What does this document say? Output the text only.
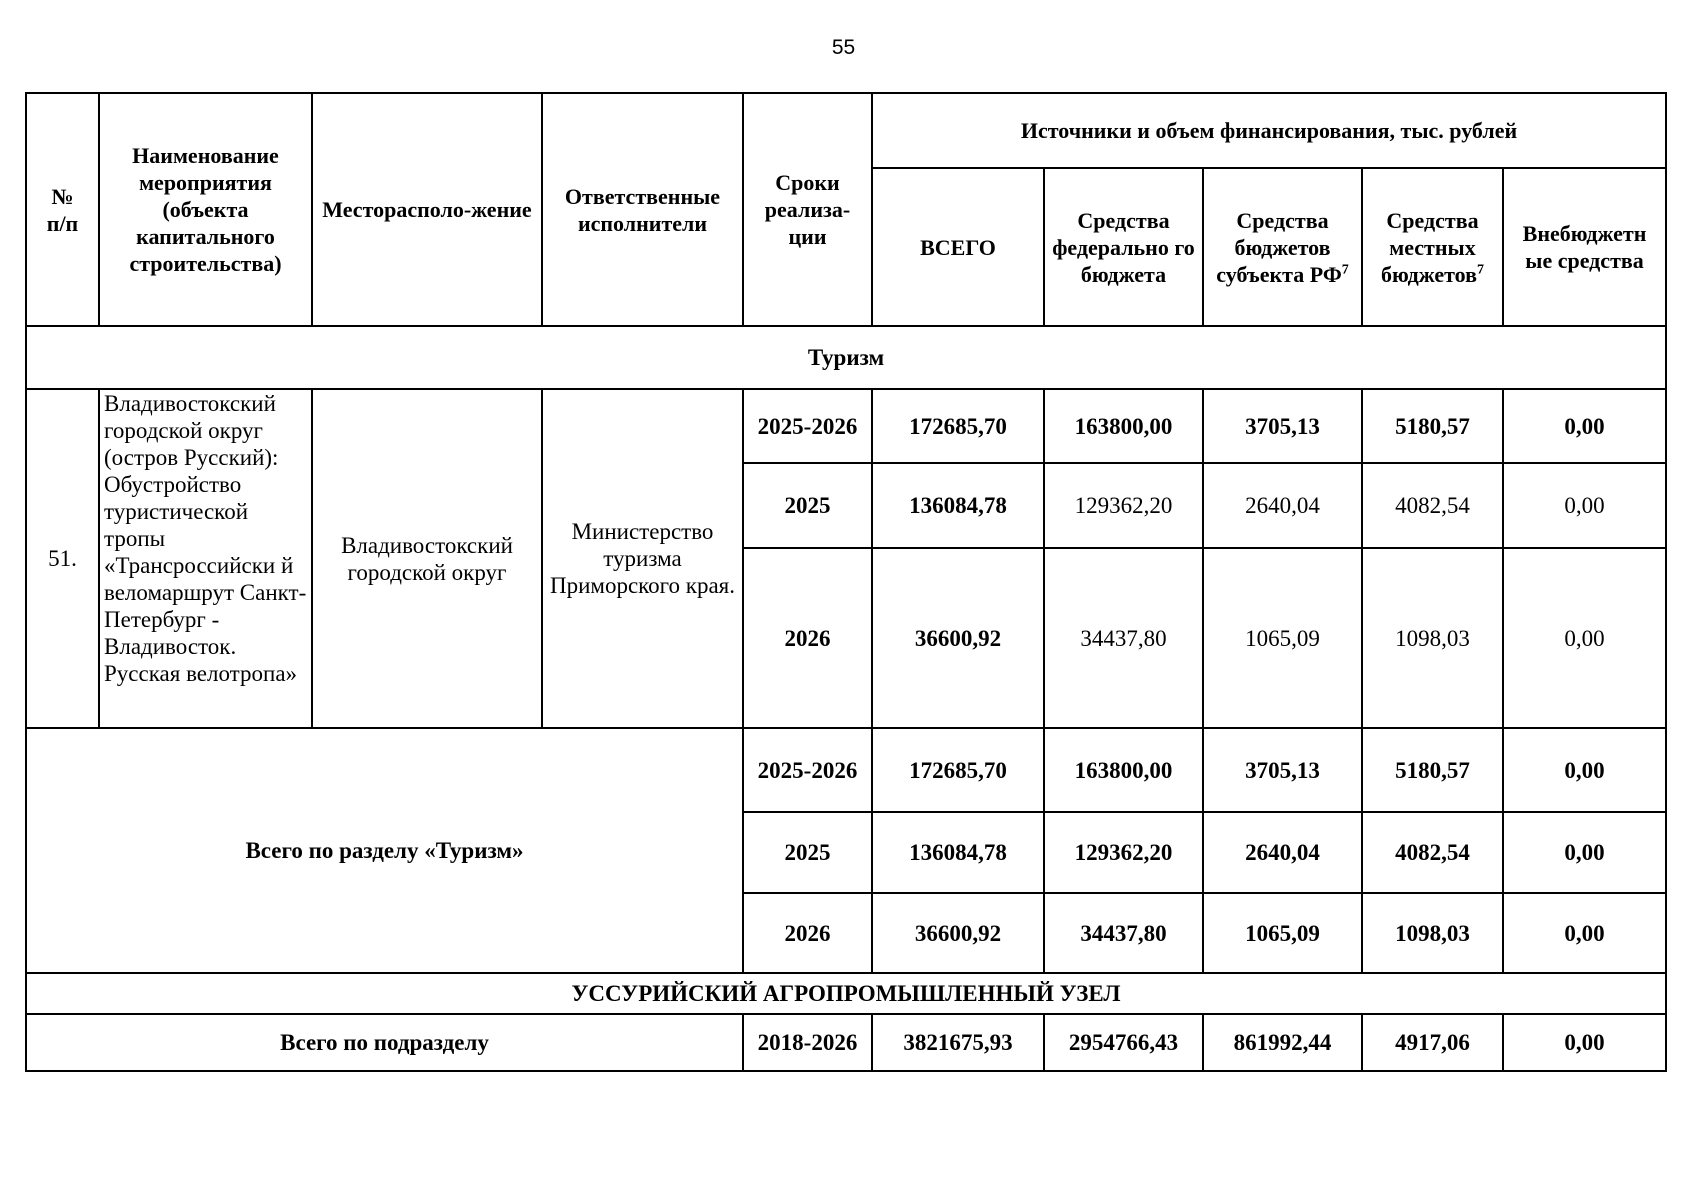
55
№
п/п	Наименование мероприятия (объекта капитального строительства)	Месторасполо-жение	Ответственные исполнители	Сроки реализа-ции	Источники и объем финансирования, тыс. рублей				
					ВСЕГО	Средства федерально го бюджета	Средства бюджетов субъекта $РФ^7$	Средства местных бюджетов$^7$	Внебюджетн ые средства
Туризм									
51.	Владивостокский городской округ (остров Русский): Обустройство туристической тропы «Трансроссийски й веломаршрут Санкт-Петербург - Владивосток. Русская велотропа»	Владивостокский городской округ	Министерство туризма Приморского края.	2025-2026	172685,70	163800,00	3705,13	5180,57	0,00
				2025	136084,78	129362,20	2640,04	4082,54	0,00
				2026	36600,92	34437,80	1065,09	1098,03	0,00
Всего по разделу «Туризм»				2025-2026	172685,70	163800,00	3705,13	5180,57	0,00
				2025	136084,78	129362,20	2640,04	4082,54	0,00
				2026	36600,92	34437,80	1065,09	1098,03	0,00
УССУРИЙСКИЙ АГРОПРОМЫШЛЕННЫЙ УЗЕЛ									
Всего по подразделу				2018-2026	3821675,93	2954766,43	861992,44	4917,06	0,00
